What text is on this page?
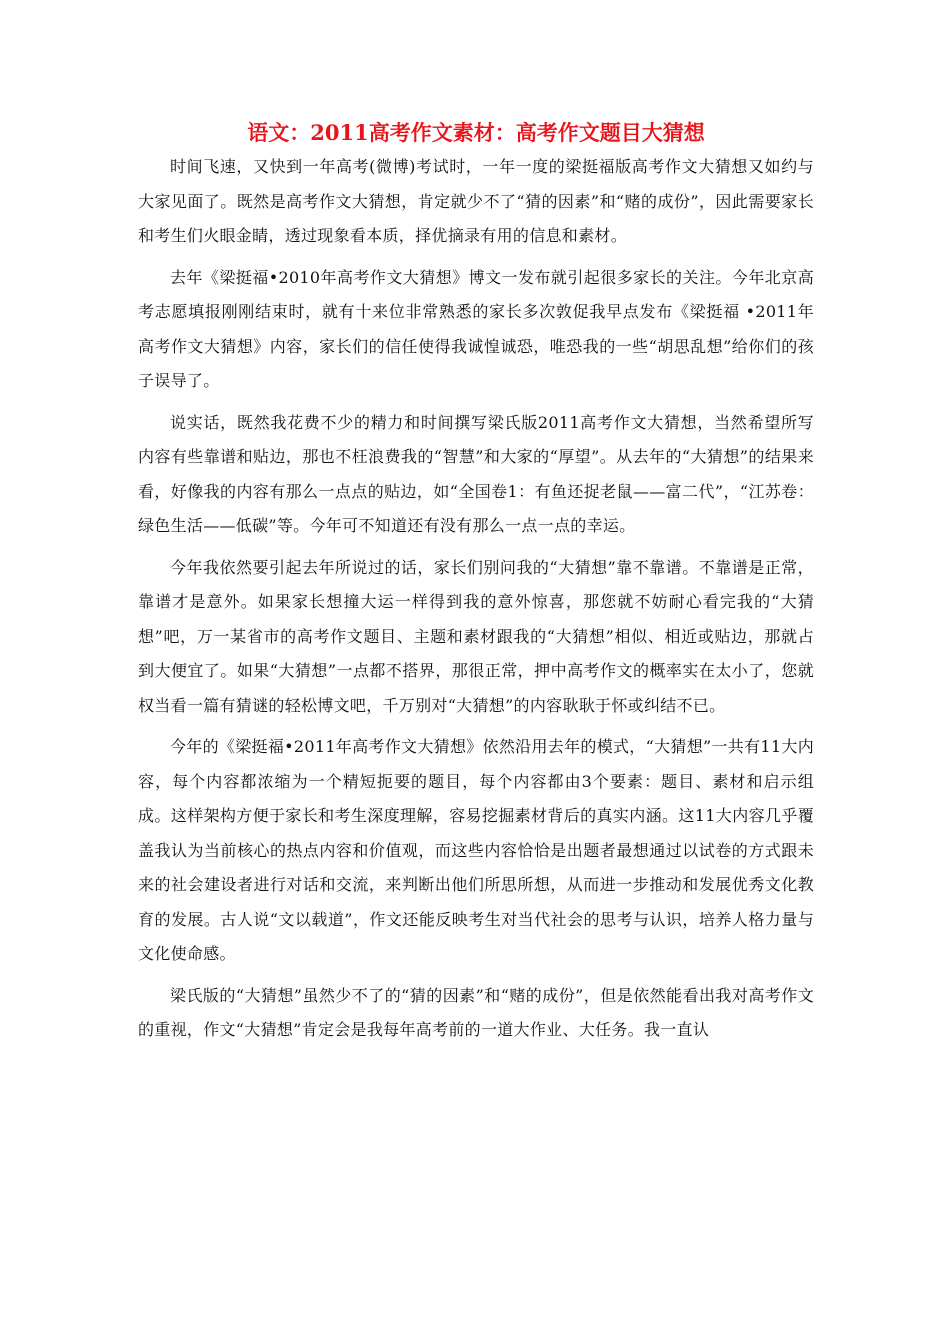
语文：2011高考作文素材：高考作文题目大猜想

时间飞速，又快到一年高考(微博)考试时，一年一度的梁挺福版高考作文大猜想又如约与大家见面了。既然是高考作文大猜想，肯定就少不了“猜的因素”和“赌的成份”，因此需要家长和考生们火眼金睛，透过现象看本质，择优摘录有用的信息和素材。

去年《梁挺福•2010年高考作文大猜想》博文一发布就引起很多家长的关注。今年北京高考志愿填报刚刚结束时，就有十来位非常熟悉的家长多次敦促我早点发布《梁挺福 •2011年高考作文大猜想》内容，家长们的信任使得我诚惶诚恐，唯恐我的一些“胡思乱想”给你们的孩子误导了。

说实话，既然我花费不少的精力和时间撰写梁氏版2011高考作文大猜想，当然希望所写内容有些靠谱和贴边，那也不枉浪费我的“智慧”和大家的“厚望”。从去年的“大猜想”的结果来看，好像我的内容有那么一点点的贴边，如“全国卷1：有鱼还捉老鼠——富二代”，“江苏卷：绿色生活——低碳”等。今年可不知道还有没有那么一点一点的幸运。

今年我依然要引起去年所说过的话，家长们别问我的“大猜想”靠不靠谱。不靠谱是正常，靠谱才是意外。如果家长想撞大运一样得到我的意外惊喜，那您就不妨耐心看完我的“大猜想”吧，万一某省市的高考作文题目、主题和素材跟我的“大猜想”相似、相近或贴边，那就占到大便宜了。如果“大猜想”一点都不搭界，那很正常，押中高考作文的概率实在太小了，您就权当看一篇有猜谜的轻松博文吧，千万别对“大猜想”的内容耿耿于怀或纠结不已。

今年的《梁挺福•2011年高考作文大猜想》依然沿用去年的模式，“大猜想”一共有11大内容，每个内容都浓缩为一个精短扼要的题目，每个内容都由3个要素：题目、素材和启示组成。这样架构方便于家长和考生深度理解，容易挖掘素材背后的真实内涵。这11大内容几乎覆盖我认为当前核心的热点内容和价值观，而这些内容恰恰是出题者最想通过以试卷的方式跟未来的社会建设者进行对话和交流，来判断出他们所思所想，从而进一步推动和发展优秀文化教育的发展。古人说“文以载道”，作文还能反映考生对当代社会的思考与认识，培养人格力量与文化使命感。

梁氏版的“大猜想”虽然少不了的“猜的因素”和“赌的成份”，但是依然能看出我对高考作文的重视，作文“大猜想”肯定会是我每年高考前的一道大作业、大任务。我一直认
